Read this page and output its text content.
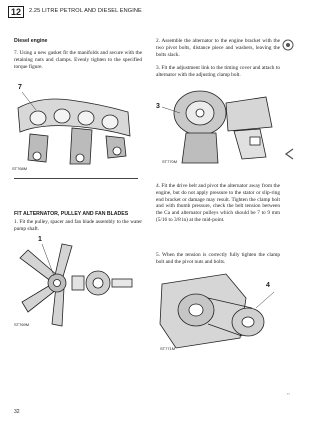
12	2.25 LITRE PETROL AND DIESEL ENGINE
Diesel engine
7. Using a new gasket fit the manifolds and secure with the retaining nuts and clamps. Evenly tighten to the specified torque figure.
7
ST768M
FIT ALTERNATOR, PULLEY AND FAN BLADES
1. Fit the pulley, spacer and fan blade assembly to the water pump shaft.
1
ST769M
32
2. Assemble the alternator to the engine bracket with the two pivot bolts, distance piece and washers, leaving the bolts slack.
3. Fit the adjustment link to the timing cover and attach to alternator with the adjusting clamp bolt.
3
ST770M
4. Fit the drive belt and pivot the alternator away from the engine, but do not apply pressure to the stator or slip-ring end bracket or damage may result. Tighten the clamp bolt and with thumb pressure, check the belt tension between the Ca and alternator pulleys which should be 7 to 9 mm (5/16 to 3/8 in) at the mid-point.
5. When the tension is correctly fully tighten the clamp bolt and the pivot nuts and bolts.
4
ST771M
"
